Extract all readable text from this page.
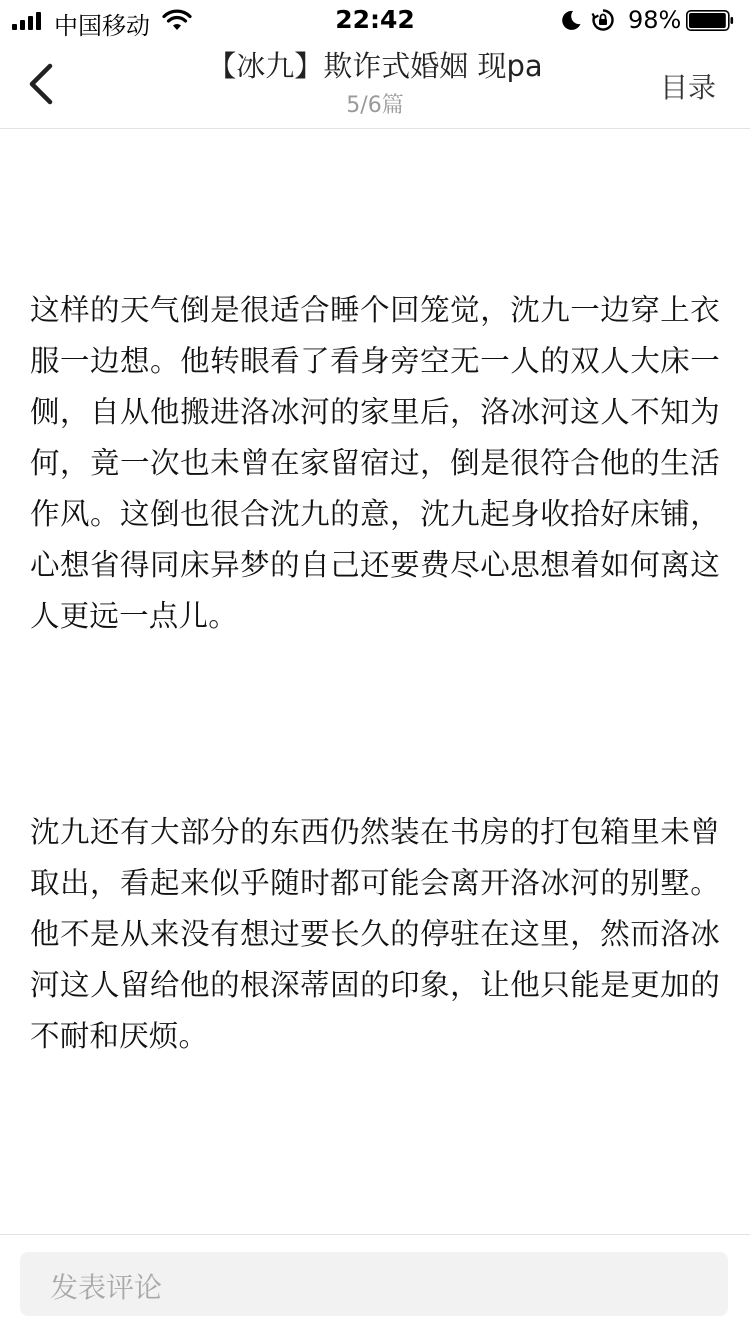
中国移动	22:42	98%
【冰九】欺诈式婚姻 现pa
5/6篇
目录

这样的天气倒是很适合睡个回笼觉，沈九一边穿上衣服一边想。他转眼看了看身旁空无一人的双人大床一侧，自从他搬进洛冰河的家里后，洛冰河这人不知为何，竟一次也未曾在家留宿过，倒是很符合他的生活作风。这倒也很合沈九的意，沈九起身收拾好床铺，心想省得同床异梦的自己还要费尽心思想着如何离这人更远一点儿。

沈九还有大部分的东西仍然装在书房的打包箱里未曾取出，看起来似乎随时都可能会离开洛冰河的别墅。他不是从来没有想过要长久的停驻在这里，然而洛冰河这人留给他的根深蒂固的印象，让他只能是更加的不耐和厌烦。

发表评论
